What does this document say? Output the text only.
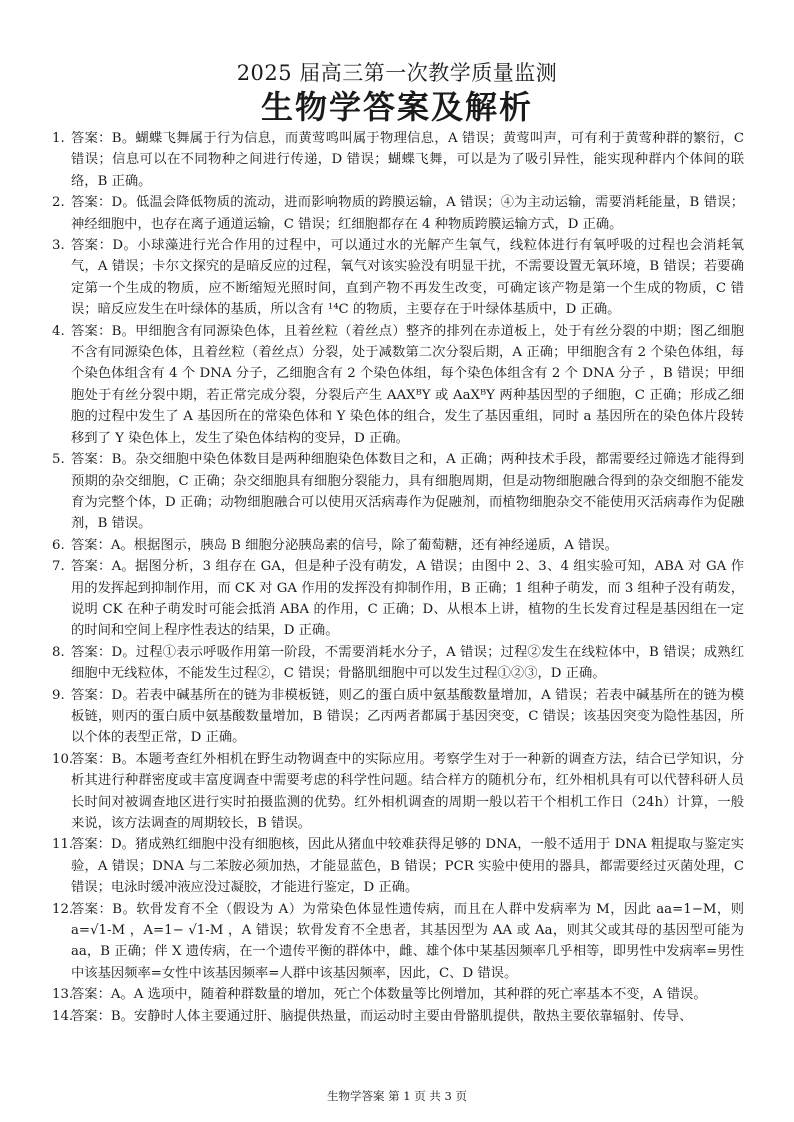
2025 届高三第一次教学质量监测
生物学答案及解析
1. 答案：B。蝴蝶飞舞属于行为信息，而黄莺鸣叫属于物理信息，A 错误；黄莺叫声，可有利于黄莺种群的繁衍，C 错误；信息可以在不同物种之间进行传递，D 错误；蝴蝶飞舞，可以是为了吸引异性，能实现种群内个体间的联络，B 正确。
2. 答案：D。低温会降低物质的流动，进而影响物质的跨膜运输，A 错误；④为主动运输，需要消耗能量，B 错误；神经细胞中，也存在离子通道运输，C 错误；红细胞都存在 4 种物质跨膜运输方式，D 正确。
3. 答案：D。小球藻进行光合作用的过程中，可以通过水的光解产生氧气，线粒体进行有氧呼吸的过程也会消耗氧气，A 错误；卡尔文探究的是暗反应的过程，氧气对该实验没有明显干扰，不需要设置无氧环境，B 错误；若要确定第一个生成的物质，应不断缩短光照时间，直到产物不再发生改变，可确定该产物是第一个生成的物质，C 错误；暗反应发生在叶绿体的基质，所以含有 ¹⁴C 的物质，主要存在于叶绿体基质中，D 正确。
4. 答案：B。甲细胞含有同源染色体，且着丝粒（着丝点）整齐的排列在赤道板上，处于有丝分裂的中期；图乙细胞不含有同源染色体，且着丝粒（着丝点）分裂，处于减数第二次分裂后期，A 正确；甲细胞含有 2 个染色体组，每个染色体组含有 4 个 DNA 分子，乙细胞含有 2 个染色体组，每个染色体组含有 2 个 DNA 分子 ，B 错误；甲细胞处于有丝分裂中期，若正常完成分裂，分裂后产生 AAXᴮY 或 AaXᴮY 两种基因型的子细胞，C 正确；形成乙细胞的过程中发生了 A 基因所在的常染色体和 Y 染色体的组合，发生了基因重组，同时 a 基因所在的染色体片段转移到了 Y 染色体上，发生了染色体结构的变异，D 正确。
5. 答案：B。杂交细胞中染色体数目是两种细胞染色体数目之和，A 正确；两种技术手段，都需要经过筛选才能得到预期的杂交细胞，C 正确；杂交细胞具有细胞分裂能力，具有细胞周期，但是动物细胞融合得到的杂交细胞不能发育为完整个体，D 正确；动物细胞融合可以使用灭活病毒作为促融剂，而植物细胞杂交不能使用灭活病毒作为促融剂，B 错误。
6. 答案：A。根据图示，胰岛 B 细胞分泌胰岛素的信号，除了葡萄糖，还有神经递质，A 错误。
7. 答案：A。据图分析，3 组存在 GA，但是种子没有萌发，A 错误；由图中 2、3、4 组实验可知，ABA 对 GA 作用的发挥起到抑制作用，而 CK 对 GA 作用的发挥没有抑制作用，B 正确；1 组种子萌发，而 3 组种子没有萌发，说明 CK 在种子萌发时可能会抵消 ABA 的作用，C 正确；D、从根本上讲，植物的生长发育过程是基因组在一定的时间和空间上程序性表达的结果，D 正确。
8. 答案：D。过程①表示呼吸作用第一阶段，不需要消耗水分子，A 错误；过程②发生在线粒体中，B 错误；成熟红细胞中无线粒体，不能发生过程②，C 错误；骨骼肌细胞中可以发生过程①②③，D 正确。
9. 答案：D。若表中碱基所在的链为非模板链，则乙的蛋白质中氨基酸数量增加，A 错误；若表中碱基所在的链为模板链，则丙的蛋白质中氨基酸数量增加，B 错误；乙丙两者都属于基因突变，C 错误；该基因突变为隐性基因，所以个体的表型正常，D 正确。
10.
答案：B。本题考查红外相机在野生动物调查中的实际应用。考察学生对于一种新的调查方法，结合已学知识，分析其进行种群密度或丰富度调查中需要考虑的科学性问题。结合样方的随机分布，红外相机具有可以代替科研人员长时间对被调查地区进行实时拍摄监测的优势。红外相机调查的周期一般以若干个相机工作日（24h）计算，一般来说，该方法调查的周期较长，B 错误。
11.
答案：D。猪成熟红细胞中没有细胞核，因此从猪血中较难获得足够的 DNA，一般不适用于 DNA 粗提取与鉴定实验，A 错误；DNA 与二苯胺必须加热，才能显蓝色，B 错误；PCR 实验中使用的器具，都需要经过灭菌处理，C 错误；电泳时缓冲液应没过凝胶，才能进行鉴定，D 正确。
12.
答案：B。软骨发育不全（假设为 A）为常染色体显性遗传病，而且在人群中发病率为 M，因此 aa=1−M，则 a=√1-M ，A=1− √1-M ，A 错误；软骨发育不全患者，其基因型为 AA 或 Aa，则其父或其母的基因型可能为 aa，B 正确；伴 X 遗传病，在一个遗传平衡的群体中，雌、雄个体中某基因频率几乎相等，即男性中发病率=男性中该基因频率=女性中该基因频率=人群中该基因频率，因此，C、D 错误。
13.
答案：A。A 选项中，随着种群数量的增加，死亡个体数量等比例增加，其种群的死亡率基本不变，A 错误。
14.
答案：B。安静时人体主要通过肝、脑提供热量，而运动时主要由骨骼肌提供，散热主要依靠辐射、传导、
生物学答案 第 1 页 共 3 页
